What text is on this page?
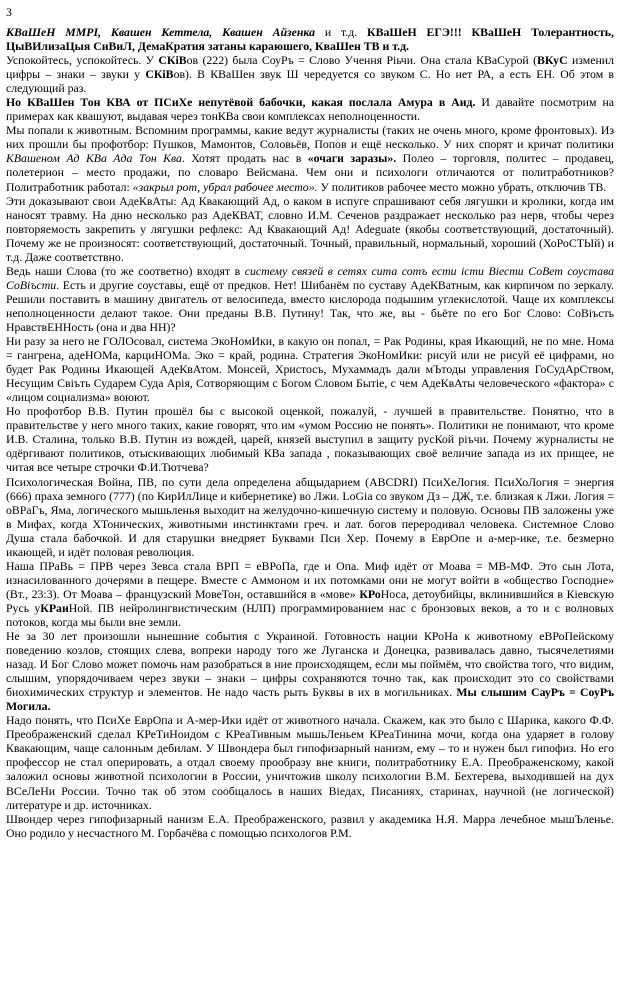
3

КВаШеН ММРІ, Квашен Кеттела, Квашен Айзенка и т.д. КВаШеН ЕГЭ!!! КВаШеН Толерантность, ЦыВИлизаЦыя СиВиЛ, ДемаКратия затаны караюшего, КваШен ТВ и т.д.

Успокойтесь, успокойтесь. У СКіВов (222) была СоуРъ = Слово Учення Ріьчи. Она стала КВаСурой (ВКуС изменил цифры – знаки – звуки у СКіВов). В КВаШен звук Ш чередуется со звуком С. Но нет РА, а есть ЕН. Об этом в следующий раз.

Но КВаШен Тон КВА от ПСиХе непутёвой бабочки, какая послала Амура в Аид. И давайте посмотрим на примерах как квашуют, выдавая через тонКВа свои комплексах неполноценности.

Мы попали к животным. Вспомним программы, какие ведут журналисты (таких не очень много, кроме фронтовых). Из них прошли бы профотбор: Пушков, Мамонтов, Соловьёв, Попов и ещё несколько. У них спорят и кричат политики КВашеном Ад КВа Ада Тон Ква. Хотят продать нас в «очаги заразы». Полео – торговля, политес – продавец, полетерион – место продажи, по словаро Вейсмана. Чем они и психологи отличаются от политработников? Политработник работал: «закрыл рот, убрал рабочее место». У политиков рабочее место можно убрать, отключив ТВ.

Эти доказывают свои АдеКвАты: Ад Квакающий Ад, о каком в испуге спрашивают себя лягушки и кролики, когда им наносят травму. На дню несколько раз АдеКВАТ, словно И.М. Сеченов раздражает несколько раз нерв, чтобы через повторяемость закрепить у лягушки рефлекс: Ад Квакающий Ад! Adeguate (якобы соответствующий, достаточный). Почему же не произносят: соответствующий, достаточный. Точный, правильный, нормальный, хороший (ХоРоСТЫй) и т.д. Даже соответствно.

Ведь наши Слова (то же соответно) входят в систему связей в сетях сита сотъ ести істи Віести СоВет соустава СоВіъсти. Есть и другие соуставы, ещё от предков. Нет! Шибанём по суставу АдеКВатным, как кирпичом по зеркалу. Решили поставить в машину двигатель от велосипеда, вместо кислорода подышим углекислотой. Чаще их комплексы неполноценности делают такое. Они преданы В.В. Путину! Так, что же, вы - бьёте по его Бог Слово: СоВіъсть НравствЕННость (она и два НН)?

Ни разу за него не ГОЛОсовал, система ЭкоНомИки, в какую он попал, = Рак Родины, края Икающий, не по мне. Нома = гангрена, адеНОМа, карциНОМа. Эко = край, родина. Стратегия ЭкоНомИки: рисуй или не рисуй её цифрами, но будет Рак Родины Икающей АдеКвАтом. Монсей, Христосъ, Мухаммадъ дали мЪтоды управления ГоСудАрСтвом, Несущим Свіъть Сударем Суда Арія, Сотворяющим с Богом Словом Бытіе, с чем АдеКвАты человеческого «фактора» с «лицом социализма» воюют.

Но профотбор В.В. Путин прошёл бы с высокой оценкой, пожалуй, - лучшей в правительстве. Понятно, что в правительстве у него много таких, какие говорят, что им «умом Россию не понять». Политики не понимают, что кроме И.В. Сталина, только В.В. Путин из вождей, царей, князей выступил в защиту русКой ріъчи. Почему журналисты не одёргивают политиков, отыскивающих любимый КВа запада , показывающих своё величие запада из их прищее, не читая все четыре строчки Ф.И.Тютчева?

Психологическая Война, ПВ, по сути дела определена абщыдарием (ABCDRI) ПсиХеЛогия. ПсиХоЛогия = энергия (666) праха земного (777) (по КирИлЛице и кибернетике) во Лжи. LoGia со звуком Дз – ДЖ, т.е. близкая к Лжи. Логия = оВРаГъ, Яма, логического мышьленья выходит на желудочно-кишечную систему и половую. Основы ПВ заложены уже в Мифах, когда ХТонических, животными инстинктами греч. и лат. богов переродивал человека. Системное Слово Душа стала бабочкой. И для старушки внедряет Буквами Пси Хер. Почему в ЕврОпе и а-мер-ике, т.е. безмерно икающей, и идёт половая революция.

Наша ПРаВь = ПРВ через Зевса стала ВРП = еВРоПа, где и Опа. Миф идёт от Моава = МВ-МФ. Это сын Лота, изнасилованного дочерями в пещере. Вместе с Аммоном и их потомками они не могут войти в «общество Господне» (Вт., 23:3). От Моава – французский МовеТон, оставшийся в «мове» КРоНоса, детоубийцы, вклинившийся в Кіевскую Русь уКРаиНой. ПВ нейролингвистическим (НЛП) программированием нас с бронзовых веков, а то и с волновых потоков, когда мы были вне земли.

Не за 30 лет произошли нынешние события с Украиной. Готовность нации КРоНа к животному еВРоПейскому поведению козлов, стоящих слева, вопреки народу того же Луганска и Донецка, развивалась давно, тысячелетиями назад. И Бог Слово может помочь нам разобраться в ние происходящем, если мы поймём, что свойства того, что видим, слышим, упорядочиваем через звуки – знаки – цифры сохраняются точно так, как происходит это со свойствами биохимических структур и элементов. Не надо часть рыть Буквы в их в могильниках. Мы слышим СауРъ = СоуРъ Могила.

Надо понять, что ПсиХе ЕврОпа и А-мер-Ики идёт от животного начала. Скажем, как это было с Шарика, какого Ф.Ф. Преображенский сделал КРеТиНоидом с КРеаТивным мышьЛеньем КРеаТинина мочи, когда она ударяет в голову Квакающим, чаще салонным дебилам. У Швондера был гипофизарный нанизм, ему – то и нужен был гипофиз. Но его профессор не стал оперировать, а отдал своему прообразу вне книги, политработнику Е.А. Преображенскому, какой заложил основы животной психологии в России, уничтожив школу психологии В.М. Бехтерева, выходившей на дух ВСеЛеНи России. Точно так об этом сообщалось в наших Віедах, Писаниях, старинах, научной (не логической) литературе и др. источниках.

Швондер через гипофизарный нанизм Е.А. Преображенского, развил у академика Н.Я. Марра лечебное мышЪленье. Оно родило у несчастного М. Горбачёва с помощью психологов Р.М.
